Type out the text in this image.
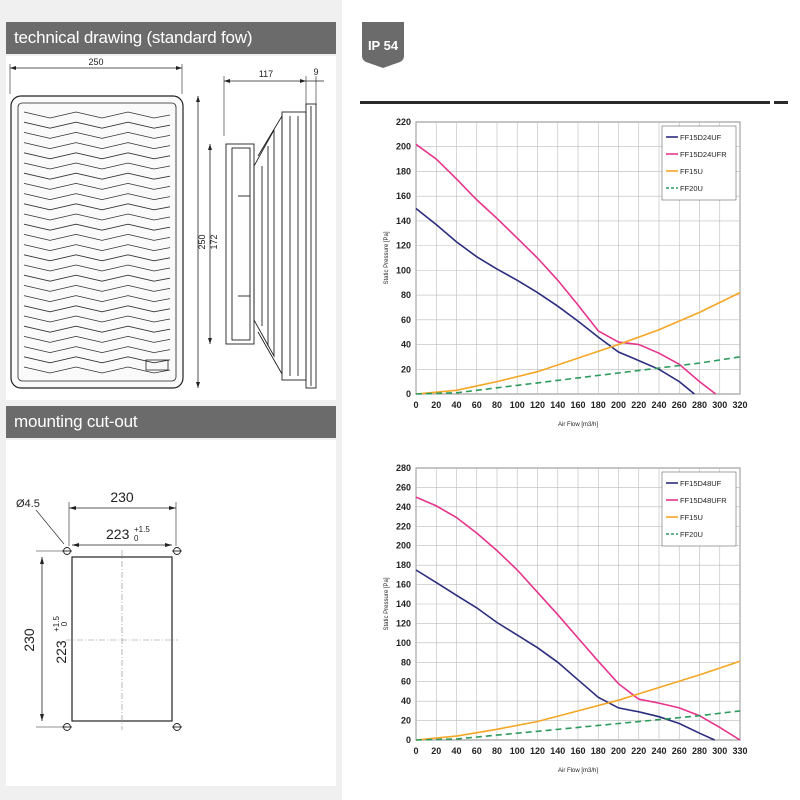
technical drawing (standard fow)
250
250 172
117	9
mounting cut-out
230
223 +1.5
0
Ø4.5
230
223
+1.5 0
IP 54
0 20 40 60 80 100 120 140 160 180 200 220 240 260 280 300 320
0
20
40
60
80
100
120
140
160
180
200
220
Air Flow [m3/h]
Static Pressure [Pa]
FF15D24UF
FF15D24UFR
FF15U
FF20U
0 20 40 60 80 100 120 140 160 180 200 220 240 260 280 300 330
0
20
40
60
80
100
120
140
160
180
200
220
240
260
280
Air Flow [m3/h]
Static Pressure [Pa]
FF15D48UF
FF15D48UFR
FF15U
FF20U
